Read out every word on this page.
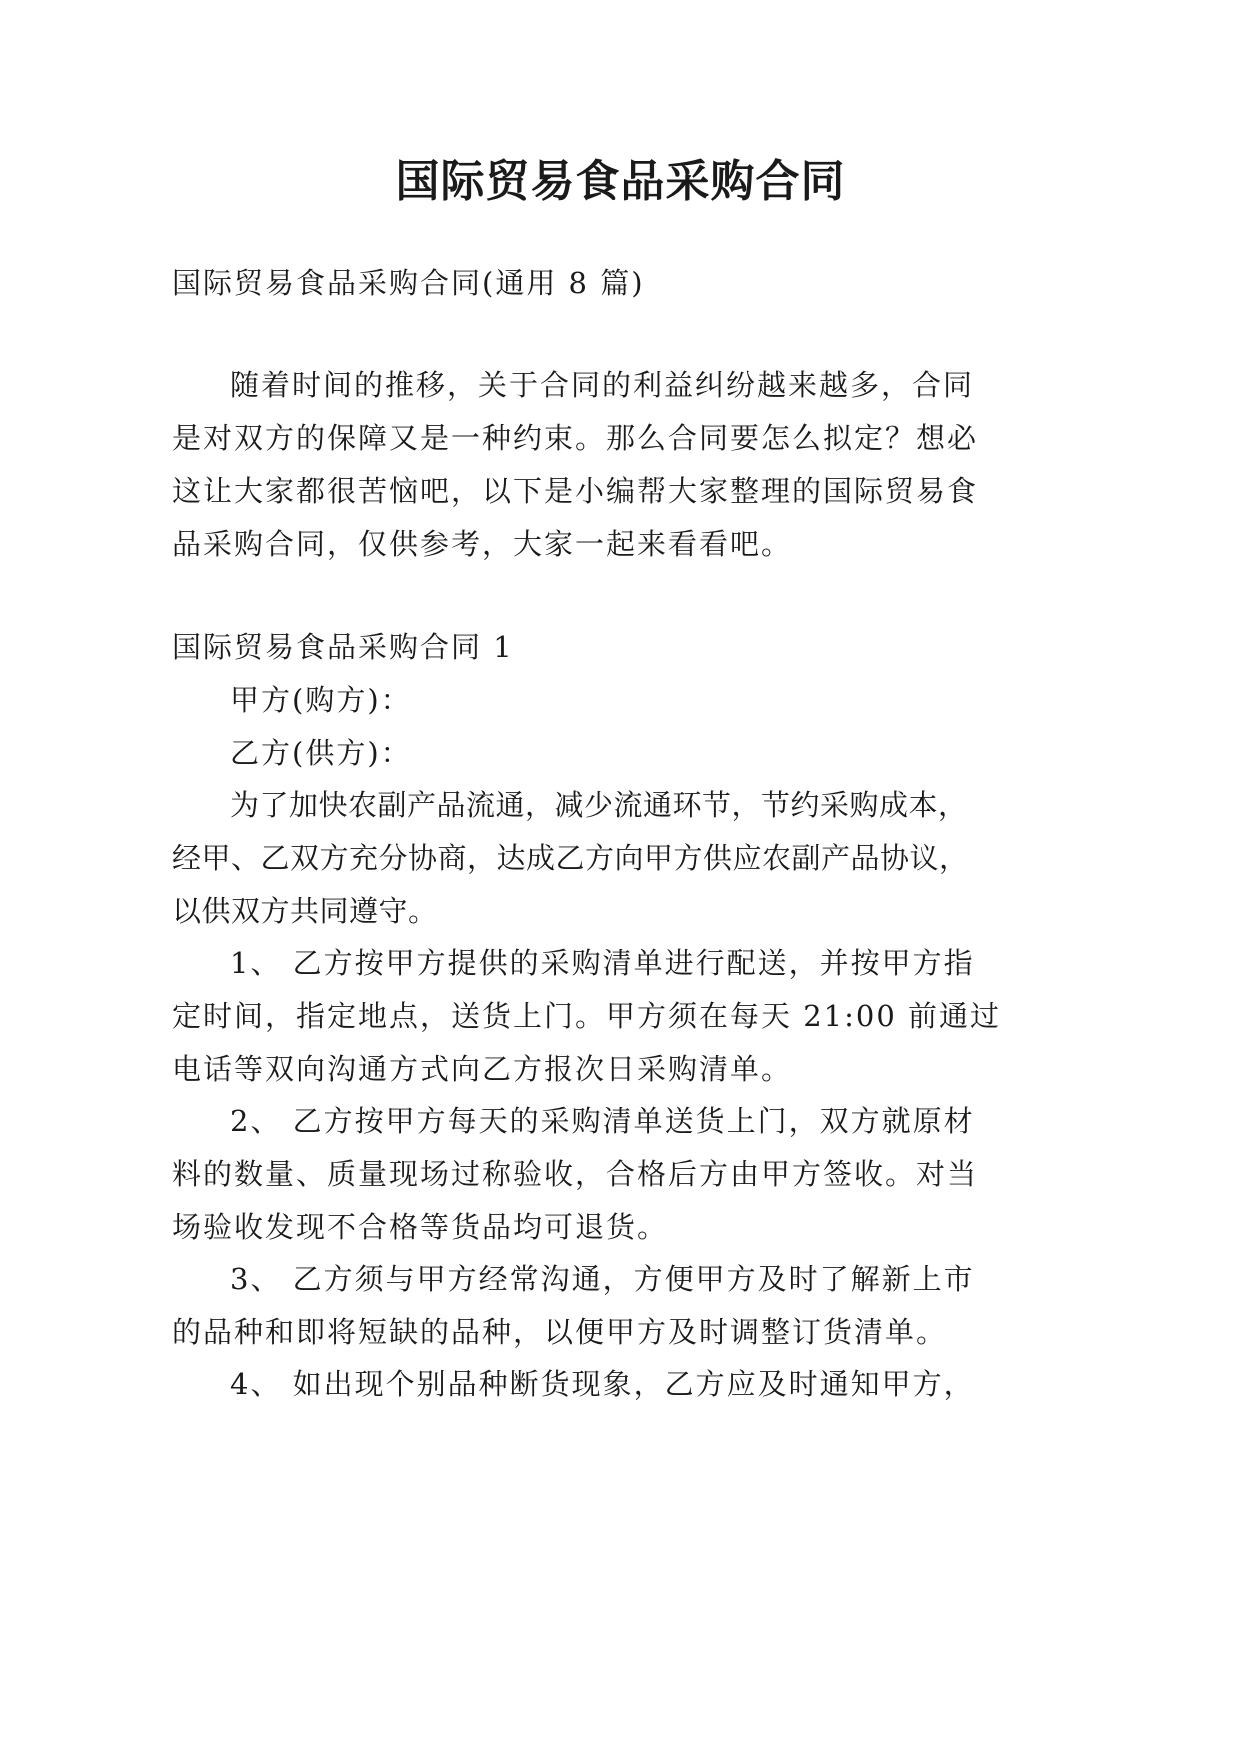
国际贸易食品采购合同
国际贸易食品采购合同(通用 8 篇)
随着时间的推移，关于合同的利益纠纷越来越多，合同
是对双方的保障又是一种约束。那么合同要怎么拟定？想必
这让大家都很苦恼吧，以下是小编帮大家整理的国际贸易食
品采购合同，仅供参考，大家一起来看看吧。
国际贸易食品采购合同 1
甲方(购方)：
乙方(供方)：
为了加快农副产品流通，减少流通环节，节约采购成本，
经甲、乙双方充分协商，达成乙方向甲方供应农副产品协议，
以供双方共同遵守。
1、 乙方按甲方提供的采购清单进行配送，并按甲方指
定时间，指定地点，送货上门。甲方须在每天 21:00 前通过
电话等双向沟通方式向乙方报次日采购清单。
2、 乙方按甲方每天的采购清单送货上门，双方就原材
料的数量、质量现场过称验收，合格后方由甲方签收。对当
场验收发现不合格等货品均可退货。
3、 乙方须与甲方经常沟通，方便甲方及时了解新上市
的品种和即将短缺的品种，以便甲方及时调整订货清单。
4、 如出现个别品种断货现象，乙方应及时通知甲方，
